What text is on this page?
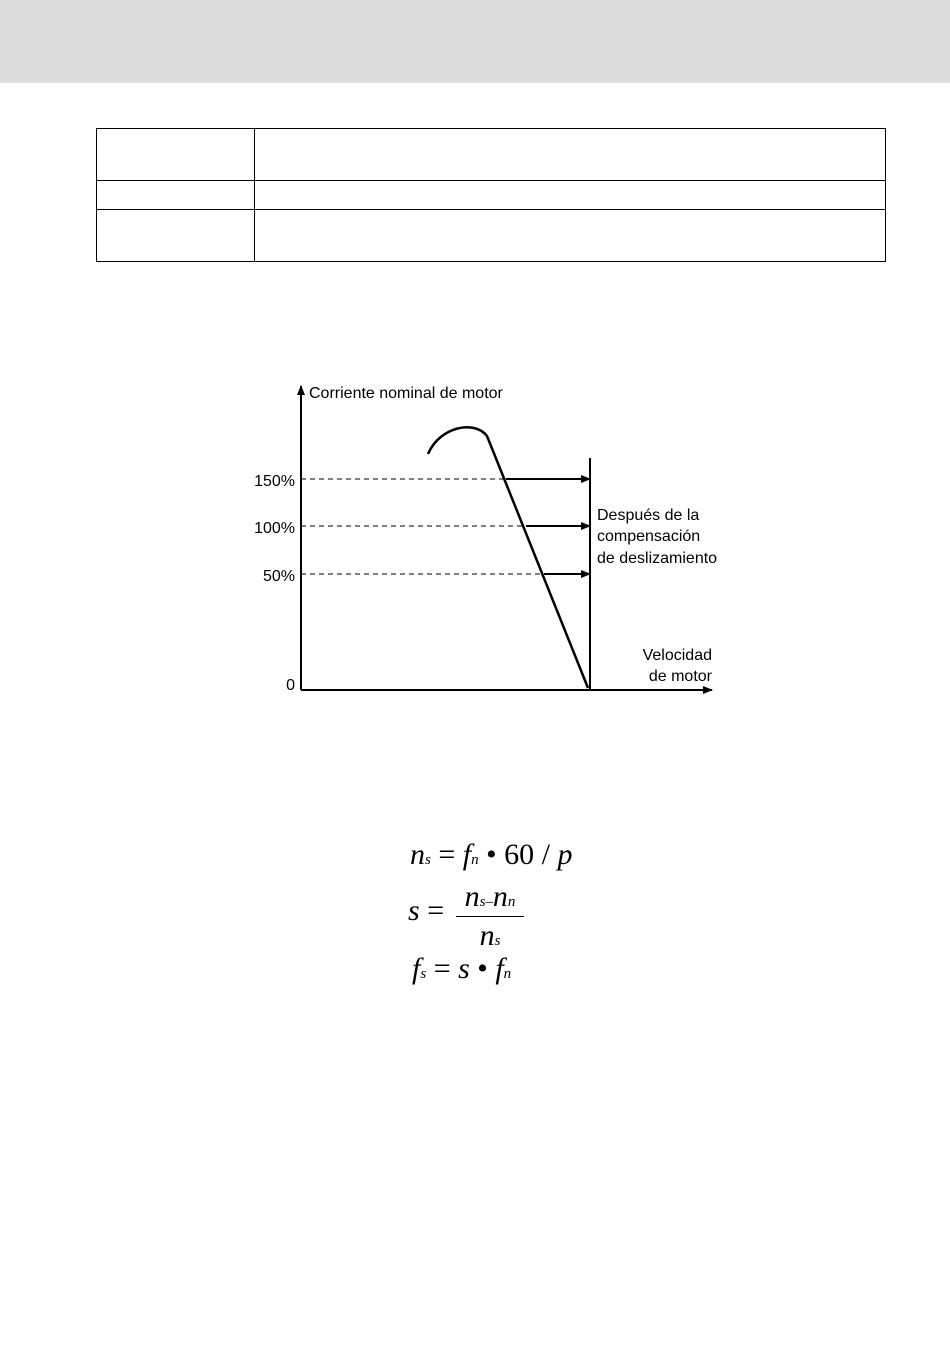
Corriente nominal de motor
150%
100%
50%
0
Después de la
compensación
de deslizamiento
Velocidad
de motor
ns = fn • 60 / p
s = ns–nn
ns
fs = s • fn
